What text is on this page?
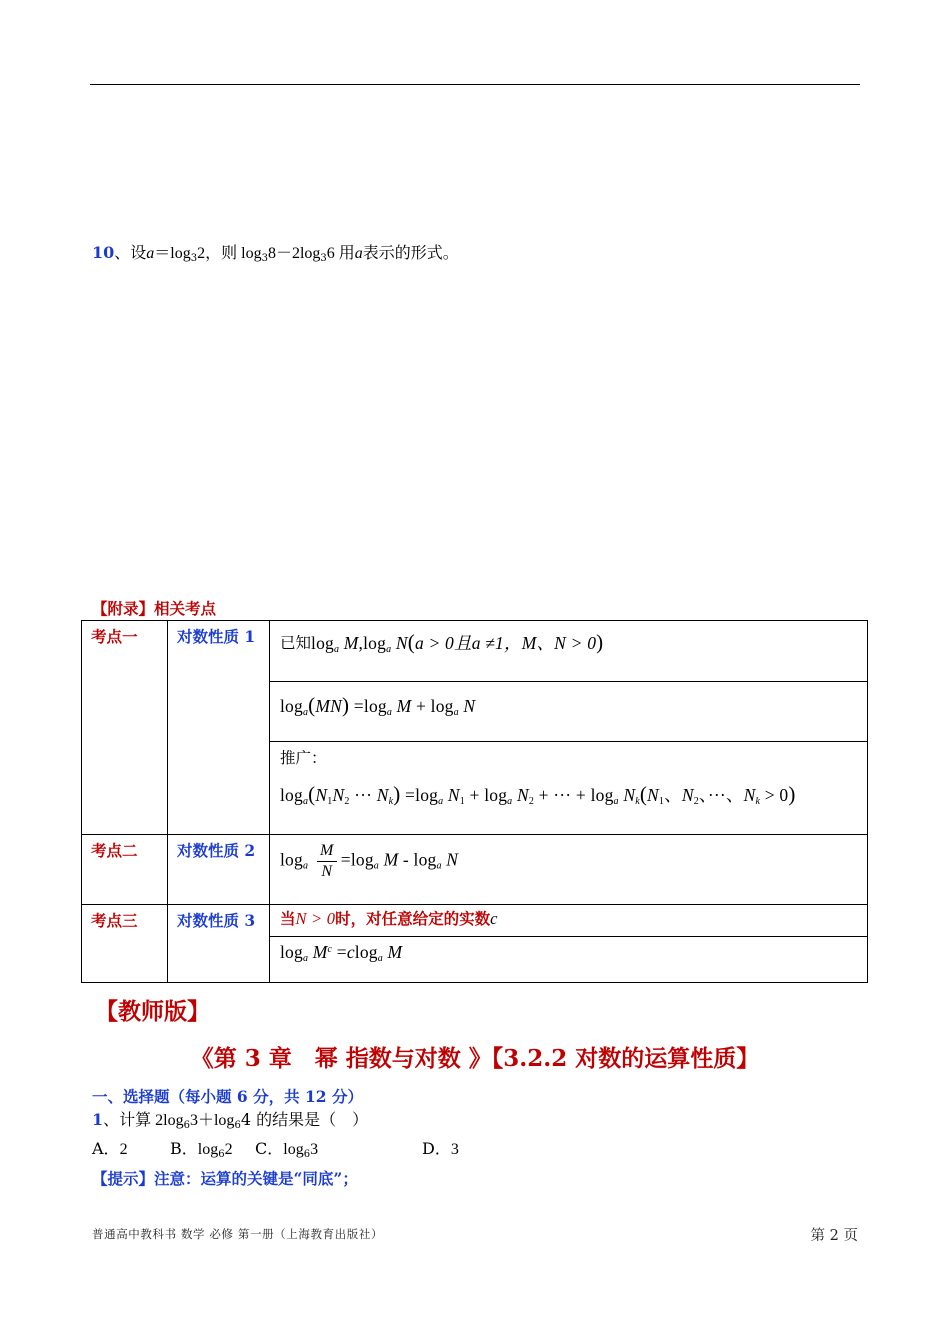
10、设$a=\log_32$，则 $\log_38-2\log_36$ 用a表示的形式。
【附录】相关考点
考点一	对数性质 1	已知 $\log_a M,\log_a$ N(a > 0且a ≠1，M、N > 0)

		$\log_a(MN) =\log_a$ $M + \log_a N$

		推广：
$\log_a(N_1N_2$ ··· $N_k) =\log_a$ $N_1 + \log_a N_2$ + ··· + $\log_a N_k(N_1$、$N_2$、···、$N_k > 0$)

考点二	对数性质 2	$\log_a \frac{M}{N} =\log_a$ M - $\log_a N$

考点三	对数性质 3	当N > 0时，对任意给定的实数c

		$\log_a M^c =clog_a$ M
【教师版】
《第 3 章　幂 指数与对数 》【3.2.2 对数的运算性质】
一、选择题（每小题 6 分，共 12 分）
1、计算 $2\log_63+\log_64$ 的结果是（　）
A．2	B．$\log_62$ C．$\log_63$	D．3
【提示】注意：运算的关键是“同底”；
普通高中教科书 数学 必修 第一册（上海教育出版社）	第 2 页
